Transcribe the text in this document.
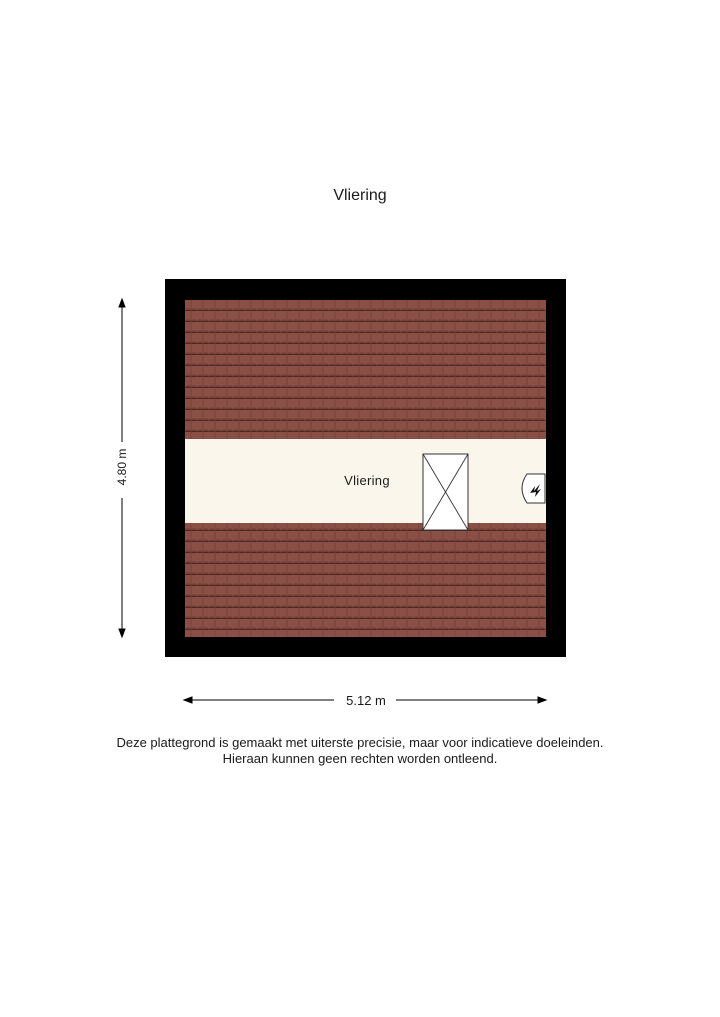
Vliering
Vliering
4.80 m
5.12 m
Deze plattegrond is gemaakt met uiterste precisie, maar voor indicatieve doeleinden.
Hieraan kunnen geen rechten worden ontleend.
